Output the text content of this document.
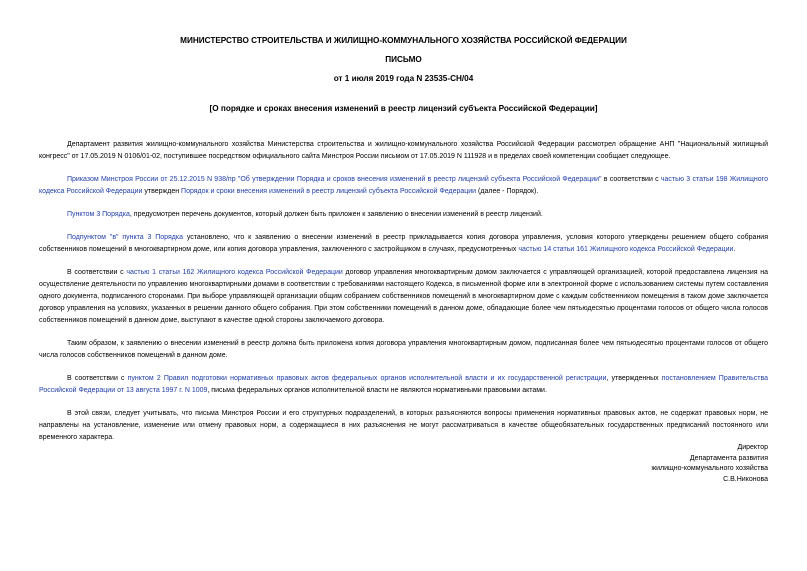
МИНИСТЕРСТВО СТРОИТЕЛЬСТВА И ЖИЛИЩНО-КОММУНАЛЬНОГО ХОЗЯЙСТВА РОССИЙСКОЙ ФЕДЕРАЦИИ
ПИСЬМО
от 1 июля 2019 года N 23535-СН/04
[О порядке и сроках внесения изменений в реестр лицензий субъекта Российской Федерации]

Департамент развития жилищно-коммунального хозяйства Министерства строительства и жилищно-коммунального хозяйства Российской Федерации рассмотрел обращение АНП "Национальный жилищный конгресс" от 17.05.2019 N 0106/01-02, поступившее посредством официального сайта Минстроя России письмом от 17.05.2019 N 111928 и в пределах своей компетенции сообщает следующее.

Приказом Минстроя России от 25.12.2015 N 938/пр "Об утверждении Порядка и сроков внесения изменений в реестр лицензий субъекта Российской Федерации" в соответствии с частью 3 статьи 198 Жилищного кодекса Российской Федерации утвержден Порядок и сроки внесения изменений в реестр лицензий субъекта Российской Федерации (далее - Порядок).

Пунктом 3 Порядка, предусмотрен перечень документов, который должен быть приложен к заявлению о внесении изменений в реестр лицензий.

Подпунктом "в" пункта 3 Порядка установлено, что к заявлению о внесении изменений в реестр прикладывается копия договора управления, условия которого утверждены решением общего собрания собственников помещений в многоквартирном доме, или копия договора управления, заключенного с застройщиком в случаях, предусмотренных частью 14 статьи 161 Жилищного кодекса Российской Федерации.

В соответствии с частью 1 статьи 162 Жилищного кодекса Российской Федерации договор управления многоквартирным домом заключается с управляющей организацией, которой предоставлена лицензия на осуществление деятельности по управлению многоквартирными домами в соответствии с требованиями настоящего Кодекса, в письменной форме или в электронной форме с использованием системы путем составления одного документа, подписанного сторонами. При выборе управляющей организации общим собранием собственников помещений в многоквартирном доме с каждым собственником помещения в таком доме заключается договор управления на условиях, указанных в решении данного общего собрания. При этом собственники помещений в данном доме, обладающие более чем пятьюдесятью процентами голосов от общего числа голосов собственников помещений в данном доме, выступают в качестве одной стороны заключаемого договора.

Таким образом, к заявлению о внесении изменений в реестр должна быть приложена копия договора управления многоквартирным домом, подписанная более чем пятьюдесятью процентами голосов от общего числа голосов собственников помещений в данном доме.

В соответствии с пунктом 2 Правил подготовки нормативных правовых актов федеральных органов исполнительной власти и их государственной регистрации, утвержденных постановлением Правительства Российской Федерации от 13 августа 1997 г. N 1009, письма федеральных органов исполнительной власти не являются нормативными правовыми актами.

В этой связи, следует учитывать, что письма Минстроя России и его структурных подразделений, в которых разъясняются вопросы применения нормативных правовых актов, не содержат правовых норм, не направлены на установление, изменение или отмену правовых норм, а содержащиеся в них разъяснения не могут рассматриваться в качестве общеобязательных государственных предписаний постоянного или временного характера.

Директор
Департамента развития
жилищно-коммунального хозяйства
С.В.Никонова
